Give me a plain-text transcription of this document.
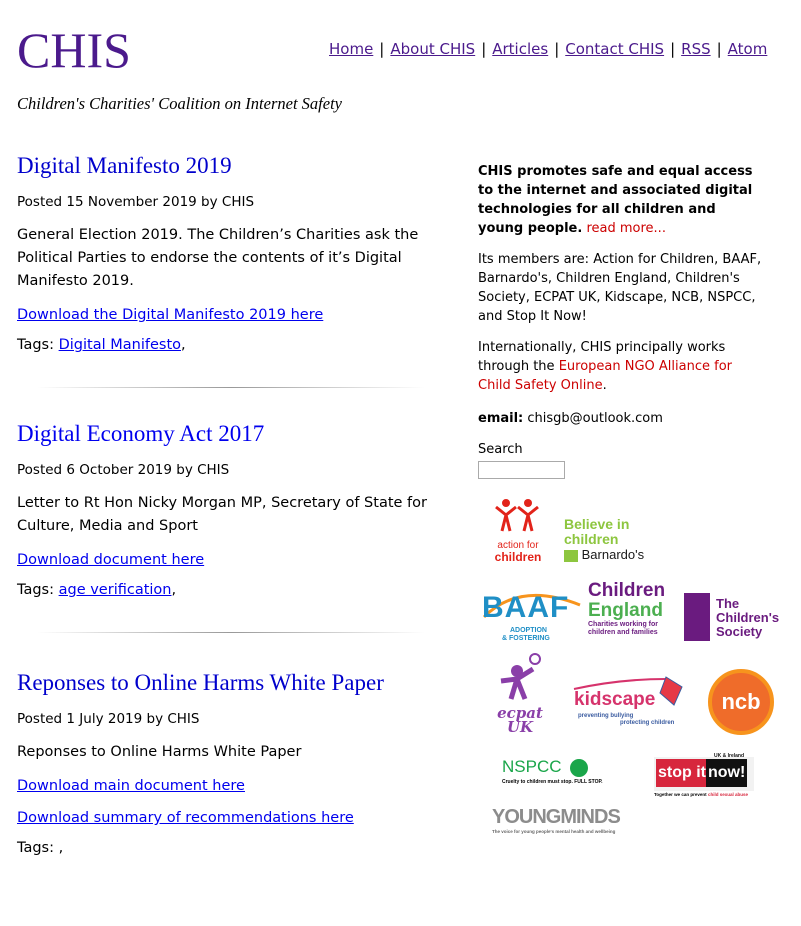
CHIS
Children's Charities' Coalition on Internet Safety
Home | About CHIS | Articles | Contact CHIS | RSS | Atom
Digital Manifesto 2019
Posted 15 November 2019 by CHIS
General Election 2019. The Children’s Charities ask the Political Parties to endorse the contents of it’s Digital Manifesto 2019.
Download the Digital Manifesto 2019 here
Tags: Digital Manifesto,
Digital Economy Act 2017
Posted 6 October 2019 by CHIS
Letter to Rt Hon Nicky Morgan MP, Secretary of State for Culture, Media and Sport
Download document here
Tags: age verification,
Reponses to Online Harms White Paper
Posted 1 July 2019 by CHIS
Reponses to Online Harms White Paper
Download main document here
Download summary of recommendations here
Tags: ,

CHIS promotes safe and equal access to the internet and associated digital technologies for all children and young people. read more...

Its members are: Action for Children, BAAF, Barnardo's, Children England, Children's Society, ECPAT UK, Kidscape, NCB, NSPCC, and Stop It Now!

Internationally, CHIS principally works through the European NGO Alliance for Child Safety Online.

email: chisgb@outlook.com

Search
action for
children
Believe in
children
Barnardo's
BAAF
ADOPTION
& FOSTERING
Children
England
Charities working for
children and families
The
Children's
Society
ecpat
UK
kidscape
preventing bullying
protecting children
ncb
NSPCC
Cruelty to children must stop. FULL STOP.
stop it now!
UK & Ireland
Together we can prevent child sexual abuse
YOUNGMINDS
The voice for young people's mental health and wellbeing
